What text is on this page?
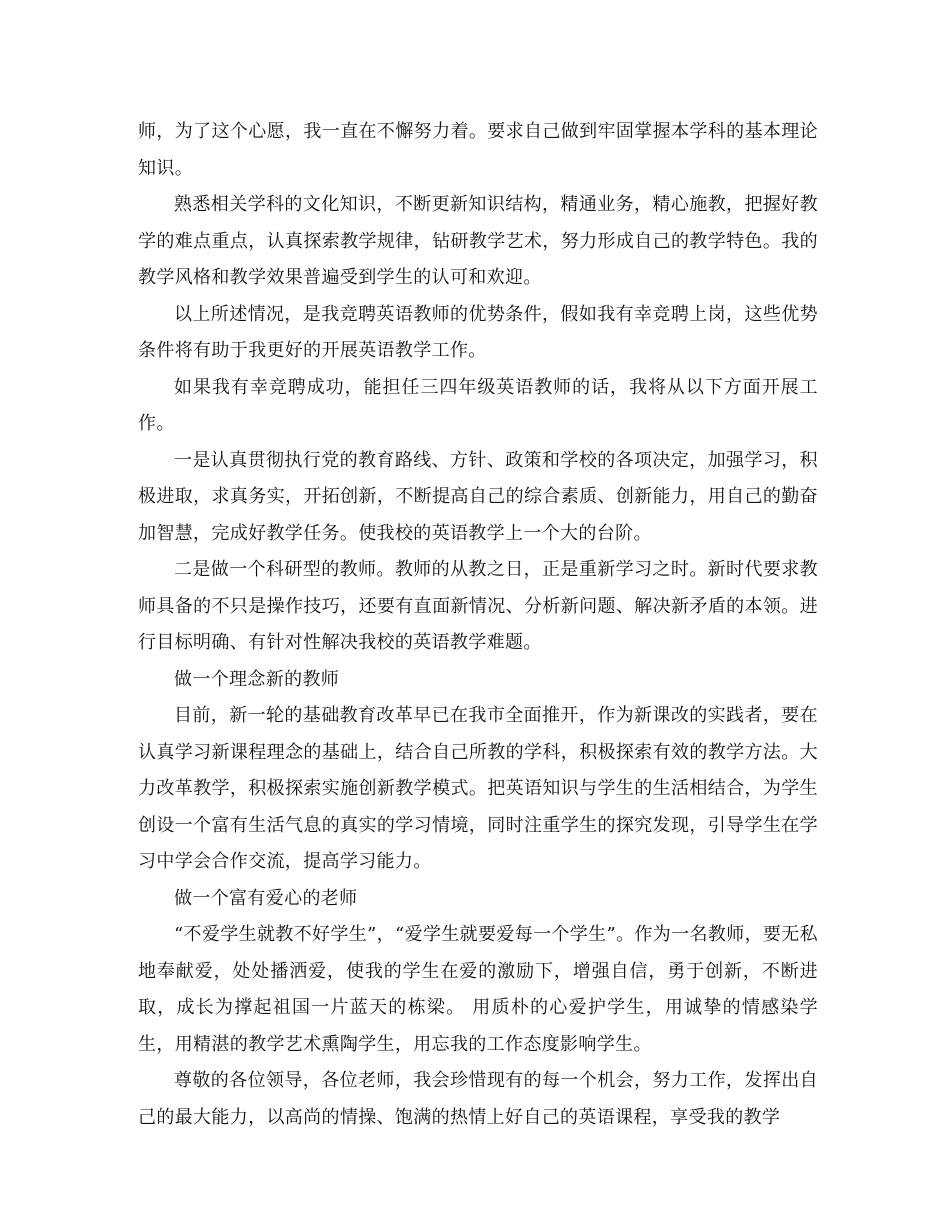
师，为了这个心愿，我一直在不懈努力着。要求自己做到牢固掌握本学科的基本理论知识。

熟悉相关学科的文化知识，不断更新知识结构，精通业务，精心施教，把握好教学的难点重点，认真探索教学规律，钻研教学艺术，努力形成自己的教学特色。我的教学风格和教学效果普遍受到学生的认可和欢迎。

以上所述情况，是我竞聘英语教师的优势条件，假如我有幸竞聘上岗，这些优势条件将有助于我更好的开展英语教学工作。

如果我有幸竞聘成功，能担任三四年级英语教师的话，我将从以下方面开展工作。

一是认真贯彻执行党的教育路线、方针、政策和学校的各项决定，加强学习，积极进取，求真务实，开拓创新，不断提高自己的综合素质、创新能力，用自己的勤奋加智慧，完成好教学任务。使我校的英语教学上一个大的台阶。

二是做一个科研型的教师。教师的从教之日，正是重新学习之时。新时代要求教师具备的不只是操作技巧，还要有直面新情况、分析新问题、解决新矛盾的本领。进行目标明确、有针对性解决我校的英语教学难题。

做一个理念新的教师

目前，新一轮的基础教育改革早已在我市全面推开，作为新课改的实践者，要在认真学习新课程理念的基础上，结合自己所教的学科，积极探索有效的教学方法。大力改革教学，积极探索实施创新教学模式。把英语知识与学生的生活相结合，为学生创设一个富有生活气息的真实的学习情境，同时注重学生的探究发现，引导学生在学习中学会合作交流，提高学习能力。

做一个富有爱心的老师

“不爱学生就教不好学生”，“爱学生就要爱每一个学生”。作为一名教师，要无私地奉献爱，处处播洒爱，使我的学生在爱的激励下，增强自信，勇于创新，不断进取，成长为撑起祖国一片蓝天的栋梁。 用质朴的心爱护学生，用诚挚的情感染学生，用精湛的教学艺术熏陶学生，用忘我的工作态度影响学生。

尊敬的各位领导，各位老师，我会珍惜现有的每一个机会，努力工作，发挥出自己的最大能力，以高尚的情操、饱满的热情上好自己的英语课程，享受我的教学
